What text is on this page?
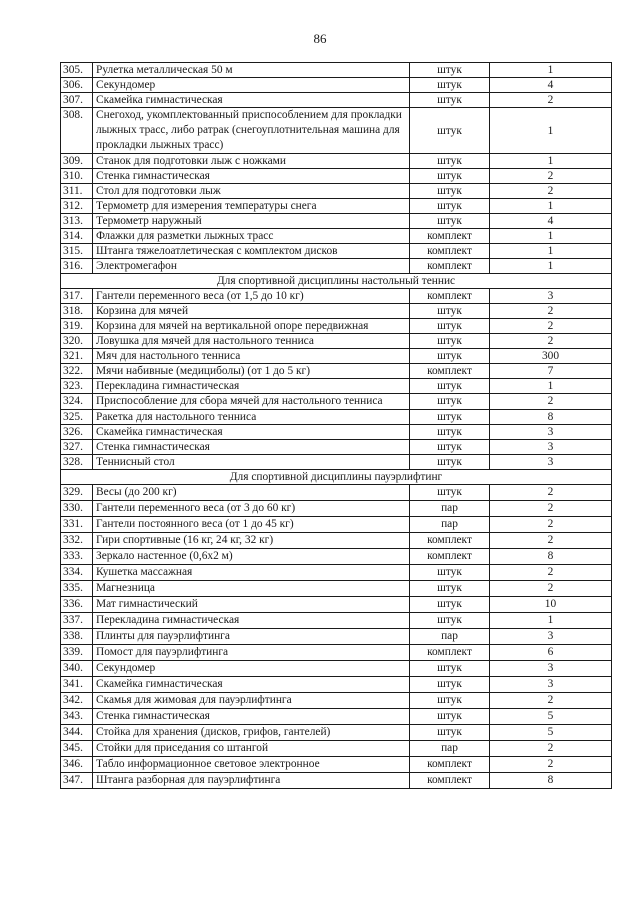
86
305.	Рулетка металлическая 50 м	штук	1
306.	Секундомер	штук	4
307.	Скамейка гимнастическая	штук	2
308.	Снегоход, укомплектованный приспособлением для прокладки лыжных трасс, либо ратрак (снегоуплотнительная машина для прокладки лыжных трасс)	штук	1
309.	Станок для подготовки лыж с ножками	штук	1
310.	Стенка гимнастическая	штук	2
311.	Стол для подготовки лыж	штук	2
312.	Термометр для измерения температуры снега	штук	1
313.	Термометр наружный	штук	4
314.	Флажки для разметки лыжных трасс	комплект	1
315.	Штанга тяжелоатлетическая с комплектом дисков	комплект	1
316.	Электромегафон	комплект	1
Для спортивной дисциплины настольный теннис			
317.	Гантели переменного веса (от 1,5 до 10 кг)	комплект	3
318.	Корзина для мячей	штук	2
319.	Корзина для мячей на вертикальной опоре передвижная	штук	2
320.	Ловушка для мячей для настольного тенниса	штук	2
321.	Мяч для настольного тенниса	штук	300
322.	Мячи набивные (медициболы) (от 1 до 5 кг)	комплект	7
323.	Перекладина гимнастическая	штук	1
324.	Приспособление для сбора мячей для настольного тенниса	штук	2
325.	Ракетка для настольного тенниса	штук	8
326.	Скамейка гимнастическая	штук	3
327.	Стенка гимнастическая	штук	3
328.	Теннисный стол	штук	3
Для спортивной дисциплины пауэрлифтинг			
329.	Весы (до 200 кг)	штук	2
330.	Гантели переменного веса (от 3 до 60 кг)	пар	2
331.	Гантели постоянного веса (от 1 до 45 кг)	пар	2
332.	Гири спортивные (16 кг, 24 кг, 32 кг)	комплект	2
333.	Зеркало настенное (0,6х2 м)	комплект	8
334.	Кушетка массажная	штук	2
335.	Магнезница	штук	2
336.	Мат гимнастический	штук	10
337.	Перекладина гимнастическая	штук	1
338.	Плинты для пауэрлифтинга	пар	3
339.	Помост для пауэрлифтинга	комплект	6
340.	Секундомер	штук	3
341.	Скамейка гимнастическая	штук	3
342.	Скамья для жимовая для пауэрлифтинга	штук	2
343.	Стенка гимнастическая	штук	5
344.	Стойка для хранения (дисков, грифов, гантелей)	штук	5
345.	Стойки для приседания со штангой	пар	2
346.	Табло информационное световое электронное	комплект	2
347.	Штанга разборная для пауэрлифтинга	комплект	8
